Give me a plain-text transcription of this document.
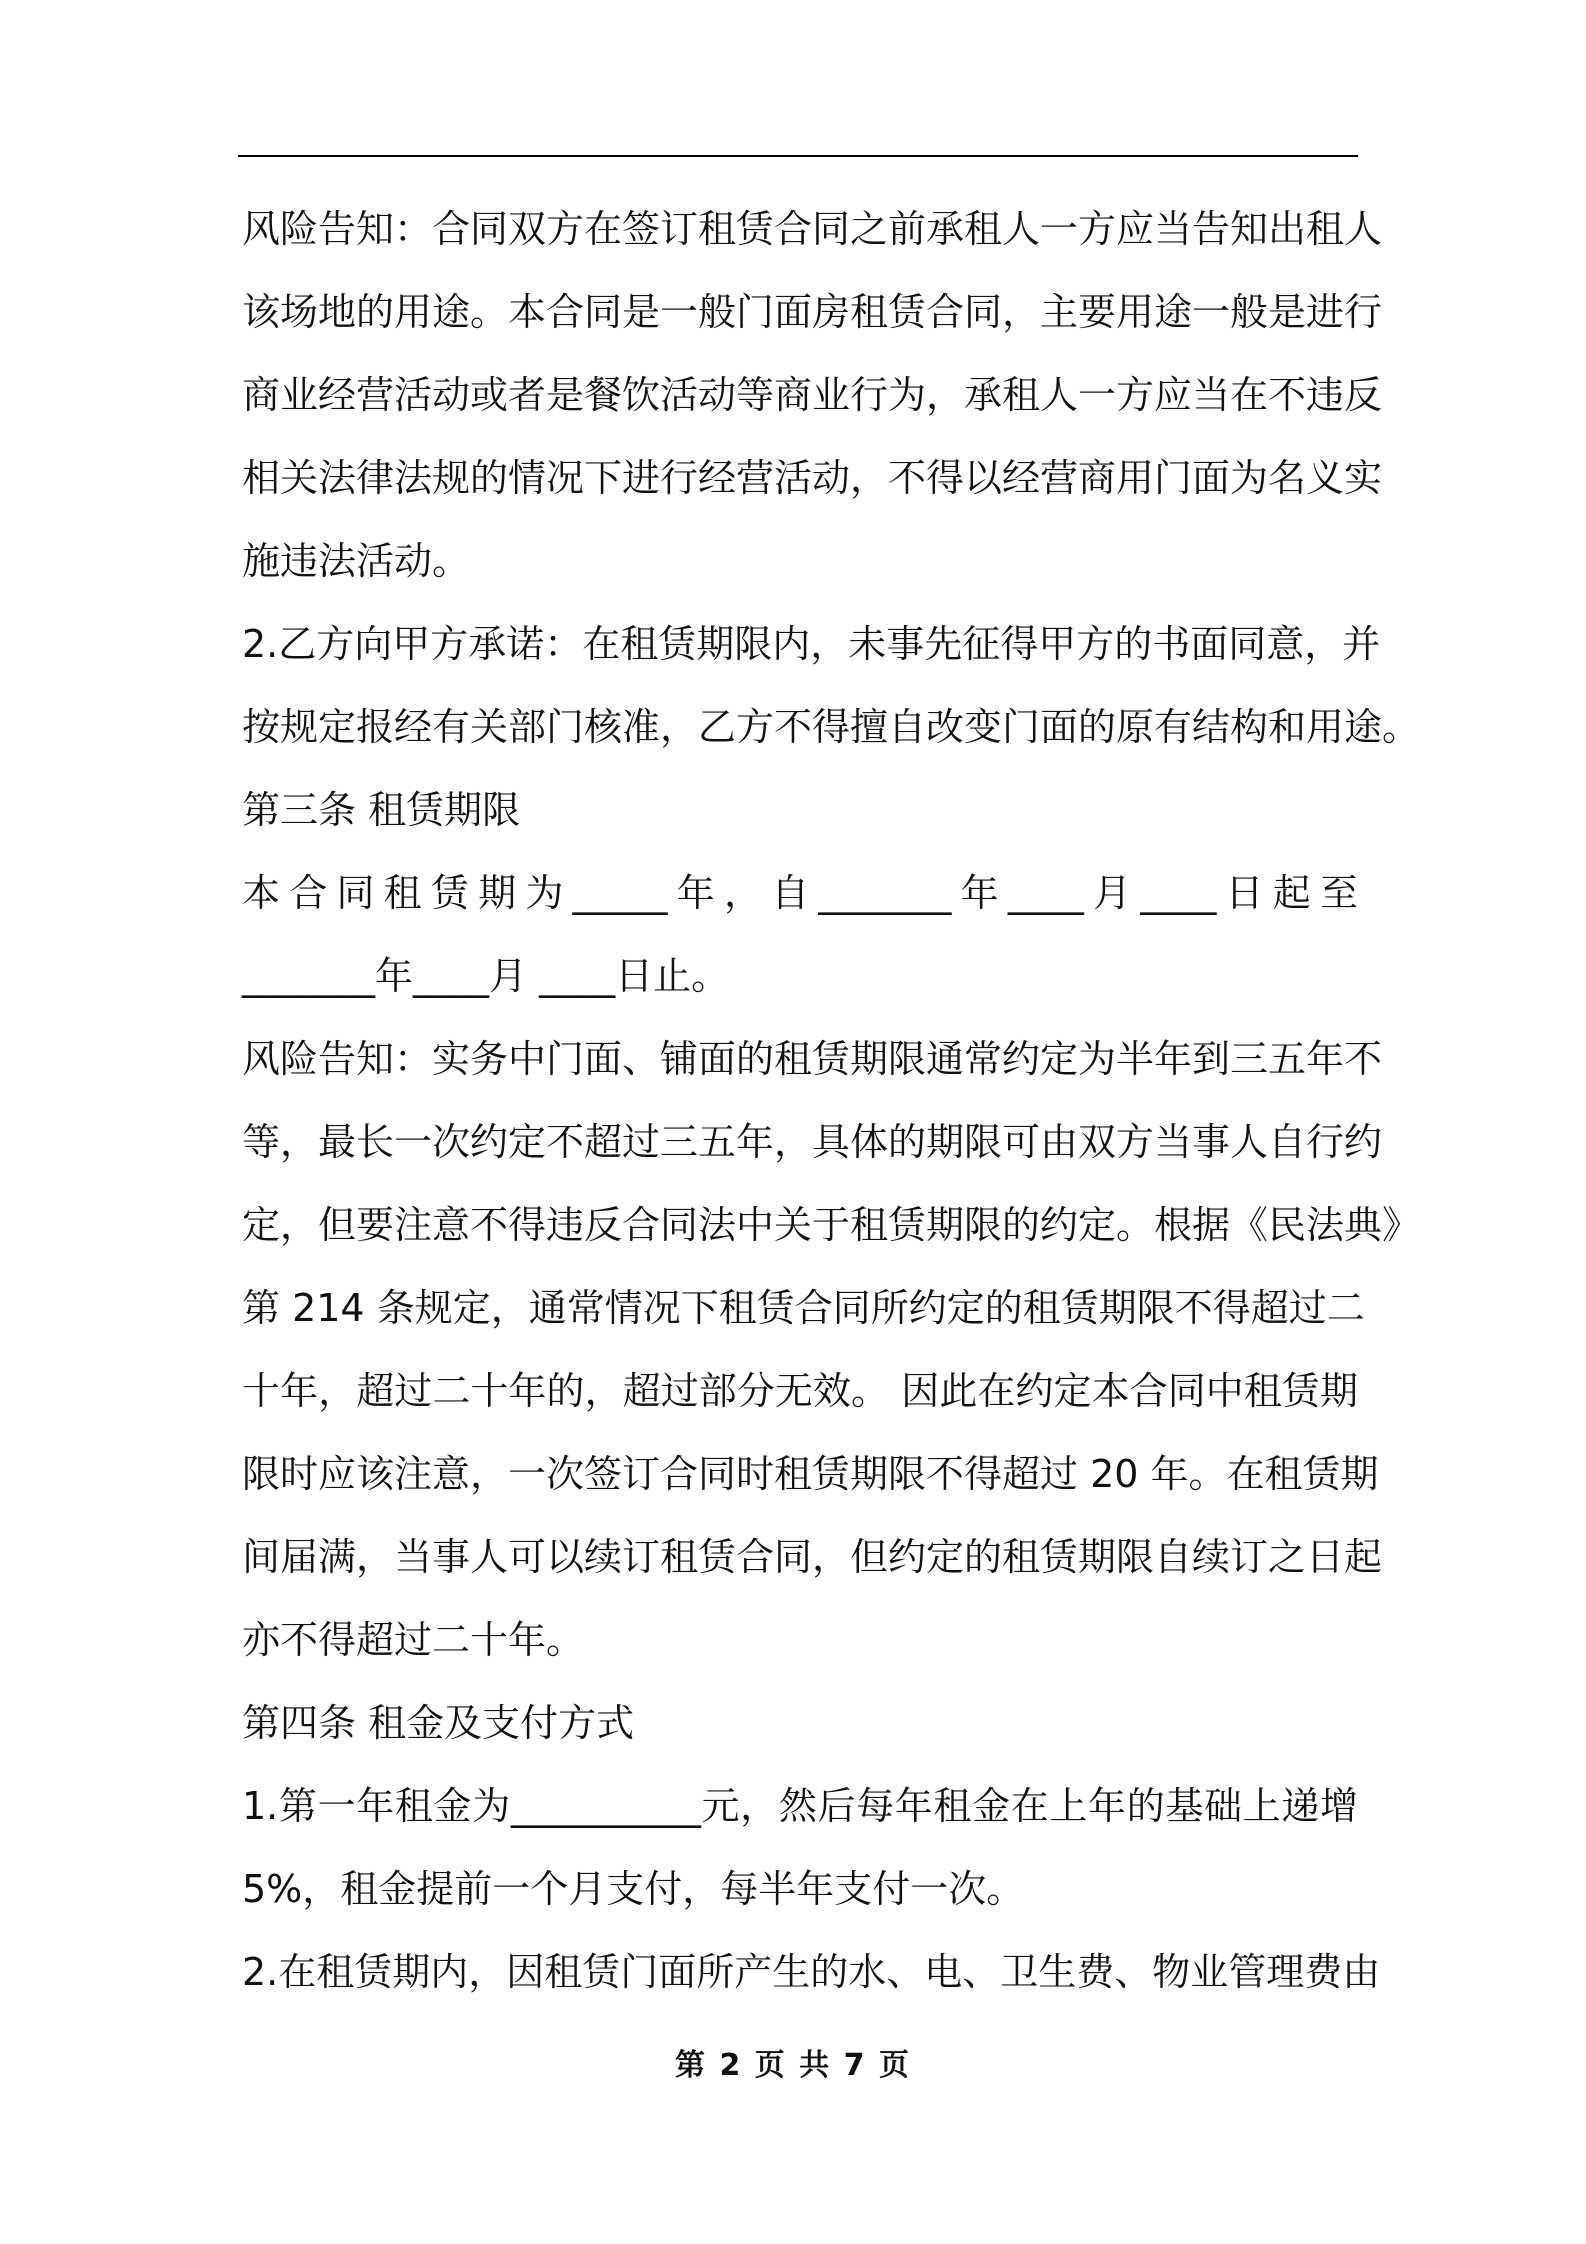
风险告知：合同双方在签订租赁合同之前承租人一方应当告知出租人
该场地的用途。本合同是一般门面房租赁合同，主要用途一般是进行
商业经营活动或者是餐饮活动等商业行为，承租人一方应当在不违反
相关法律法规的情况下进行经营活动，不得以经营商用门面为名义实
施违法活动。
2.乙方向甲方承诺：在租赁期限内，未事先征得甲方的书面同意，并
按规定报经有关部门核准，乙方不得擅自改变门面的原有结构和用途。
第三条 租赁期限
本合同租赁期为_____年，自_______年____月____日起至
_______年____月 ____日止。
风险告知：实务中门面、铺面的租赁期限通常约定为半年到三五年不
等，最长一次约定不超过三五年，具体的期限可由双方当事人自行约
定，但要注意不得违反合同法中关于租赁期限的约定。根据《民法典》
第 214 条规定，通常情况下租赁合同所约定的租赁期限不得超过二
十年，超过二十年的，超过部分无效。 因此在约定本合同中租赁期
限时应该注意，一次签订合同时租赁期限不得超过 20 年。在租赁期
间届满，当事人可以续订租赁合同，但约定的租赁期限自续订之日起
亦不得超过二十年。
第四条 租金及支付方式
1.第一年租金为__________元，然后每年租金在上年的基础上递增
5%，租金提前一个月支付，每半年支付一次。
2.在租赁期内，因租赁门面所产生的水、电、卫生费、物业管理费由
第 2 页 共 7 页
